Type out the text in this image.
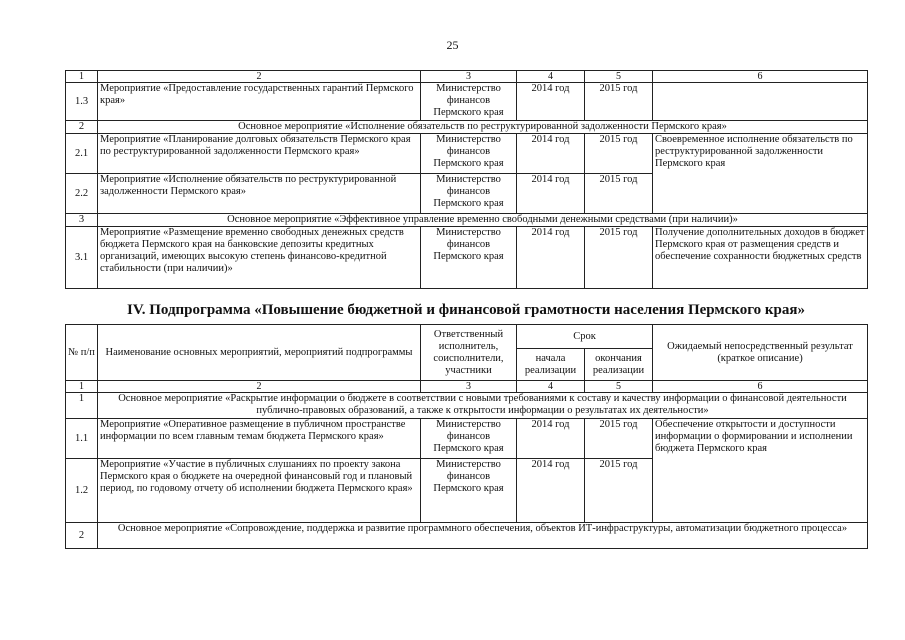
25
1	2	3	4	5	6
1.3	Мероприятие «Предоставление государственных гарантий Пермского края»	Министерство финансов Пермского края	2014 год	2015 год	
2	Основное мероприятие «Исполнение обязательств по реструктурированной задолженности Пермского края»				
2.1	Мероприятие «Планирование долговых обязательств Пермского края по реструктурированной задолженности Пермского края»	Министерство финансов Пермского края	2014 год	2015 год	Своевременное исполнение обязательств по реструктурированной задолженности Пермского края
2.2	Мероприятие «Исполнение обязательств по реструктурированной задолженности Пермского края»	Министерство финансов Пермского края	2014 год	2015 год	
3	Основное мероприятие «Эффективное управление временно свободными денежными средствами (при наличии)»				
3.1	Мероприятие «Размещение временно свободных денежных средств бюджета Пермского края на банковские депозиты кредитных организаций, имеющих высокую степень финансово-кредитной стабильности (при наличии)»	Министерство финансов Пермского края	2014 год	2015 год	Получение дополнительных доходов в бюджет Пермского края от размещения средств и обеспечение сохранности бюджетных средств
IV. Подпрограмма «Повышение бюджетной и финансовой грамотности населения Пермского края»
№ п/п	Наименование основных мероприятий, мероприятий подпрограммы	Ответственный исполнитель, соисполнители, участники	Срок		Ожидаемый непосредственный результат (краткое описание)
			начала реализации	окончания реализации	
1	2	3	4	5	6
1	Основное мероприятие «Раскрытие информации о бюджете в соответствии с новыми требованиями к составу и качеству информации о финансовой деятельности публично-правовых образований, а также к открытости информации о результатах их деятельности»				
1.1	Мероприятие «Оперативное размещение в публичном пространстве информации по всем главным темам бюджета Пермского края»	Министерство финансов Пермского края	2014 год	2015 год	Обеспечение открытости и доступности информации о формировании и исполнении бюджета Пермского края
1.2	Мероприятие «Участие в публичных слушаниях по проекту закона Пермского края о бюджете на очередной финансовый год и плановый период, по годовому отчету об исполнении бюджета Пермского края»	Министерство финансов Пермского края	2014 год	2015 год	
2	Основное мероприятие «Сопровождение, поддержка и развитие программного обеспечения, объектов ИТ-инфраструктуры, автоматизации бюджетного процесса»				
